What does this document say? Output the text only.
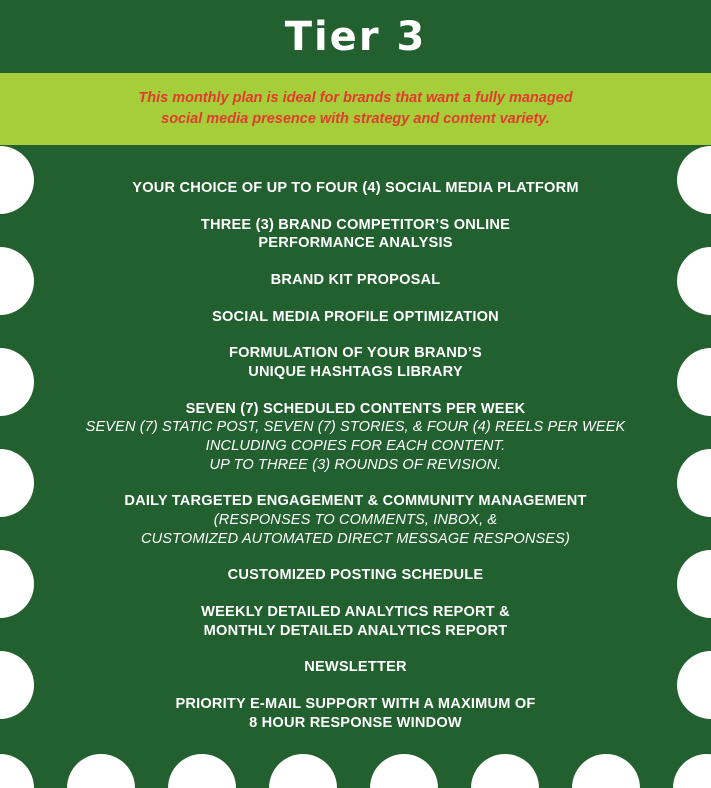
Tier 3
This monthly plan is ideal for brands that want a fully managed
social media presence with strategy and content variety.
YOUR CHOICE OF UP TO FOUR (4) SOCIAL MEDIA PLATFORM
THREE (3) BRAND COMPETITOR’S ONLINE
PERFORMANCE ANALYSIS
BRAND KIT PROPOSAL
SOCIAL MEDIA PROFILE OPTIMIZATION
FORMULATION OF YOUR BRAND’S
UNIQUE HASHTAGS LIBRARY
SEVEN (7) SCHEDULED CONTENTS PER WEEK
SEVEN (7) STATIC POST, SEVEN (7) STORIES, & FOUR (4) REELS PER WEEK
INCLUDING COPIES FOR EACH CONTENT.
UP TO THREE (3) ROUNDS OF REVISION.
DAILY TARGETED ENGAGEMENT & COMMUNITY MANAGEMENT
(RESPONSES TO COMMENTS, INBOX, &
CUSTOMIZED AUTOMATED DIRECT MESSAGE RESPONSES)
CUSTOMIZED POSTING SCHEDULE
WEEKLY DETAILED ANALYTICS REPORT &
MONTHLY DETAILED ANALYTICS REPORT
NEWSLETTER
PRIORITY E-MAIL SUPPORT WITH A MAXIMUM OF
8 HOUR RESPONSE WINDOW
